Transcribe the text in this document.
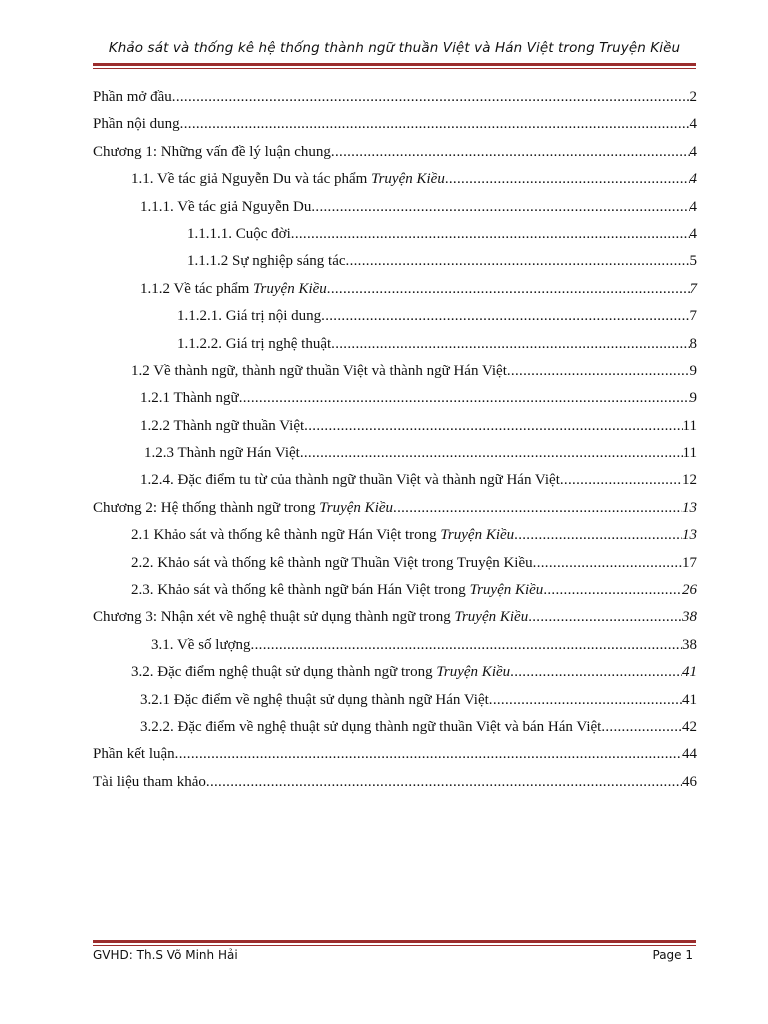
Khảo sát và thống kê hệ thống thành ngữ thuần Việt và Hán Việt trong Truyện Kiều
Phần mở đầu .....	2
Phần nội dung .....	4
Chương 1: Những vấn đề lý luận chung .....	4
1.1. Về tác giả Nguyễn Du và tác phẩm Truyện Kiều .....	4
1.1.1. Về tác giả Nguyễn Du .....	4
1.1.1.1. Cuộc đời .....	4
1.1.1.2 Sự nghiệp sáng tác .....	5
1.1.2 Về tác phẩm Truyện Kiều .....	7
1.1.2.1. Giá trị nội dung .....	7
1.1.2.2. Giá trị nghệ thuật .....	8
1.2 Về thành ngữ, thành ngữ thuần Việt và thành ngữ Hán Việt .....	9
1.2.1 Thành ngữ .....	9
1.2.2 Thành ngữ thuần Việt .....	11
1.2.3 Thành ngữ Hán Việt .....	11
1.2.4. Đặc điểm tu từ của thành ngữ thuần Việt và thành ngữ Hán Việt .....	12
Chương 2: Hệ thống thành ngữ trong Truyện Kiều .....	13
2.1 Khảo sát và thống kê thành ngữ Hán Việt trong Truyện Kiều .....	13
2.2. Khảo sát và thống kê thành ngữ Thuần Việt trong Truyện Kiều .....	17
2.3. Khảo sát và thống kê thành ngữ bán Hán Việt trong Truyện Kiều .....	26
Chương 3: Nhận xét về nghệ thuật sử dụng thành ngữ trong Truyện Kiều .....	38
3.1. Về số lượng .....	38
3.2. Đặc điểm nghệ thuật sử dụng thành ngữ trong Truyện Kiều .....	41
3.2.1 Đặc điểm về nghệ thuật sử dụng thành ngữ Hán Việt .....	41
3.2.2. Đặc điểm về nghệ thuật sử dụng thành ngữ thuần Việt và bán Hán Việt .....	42
Phần kết luận .....	44
Tài liệu tham khảo .....	46
GVHD: Th.S Võ Minh Hải	Page 1
